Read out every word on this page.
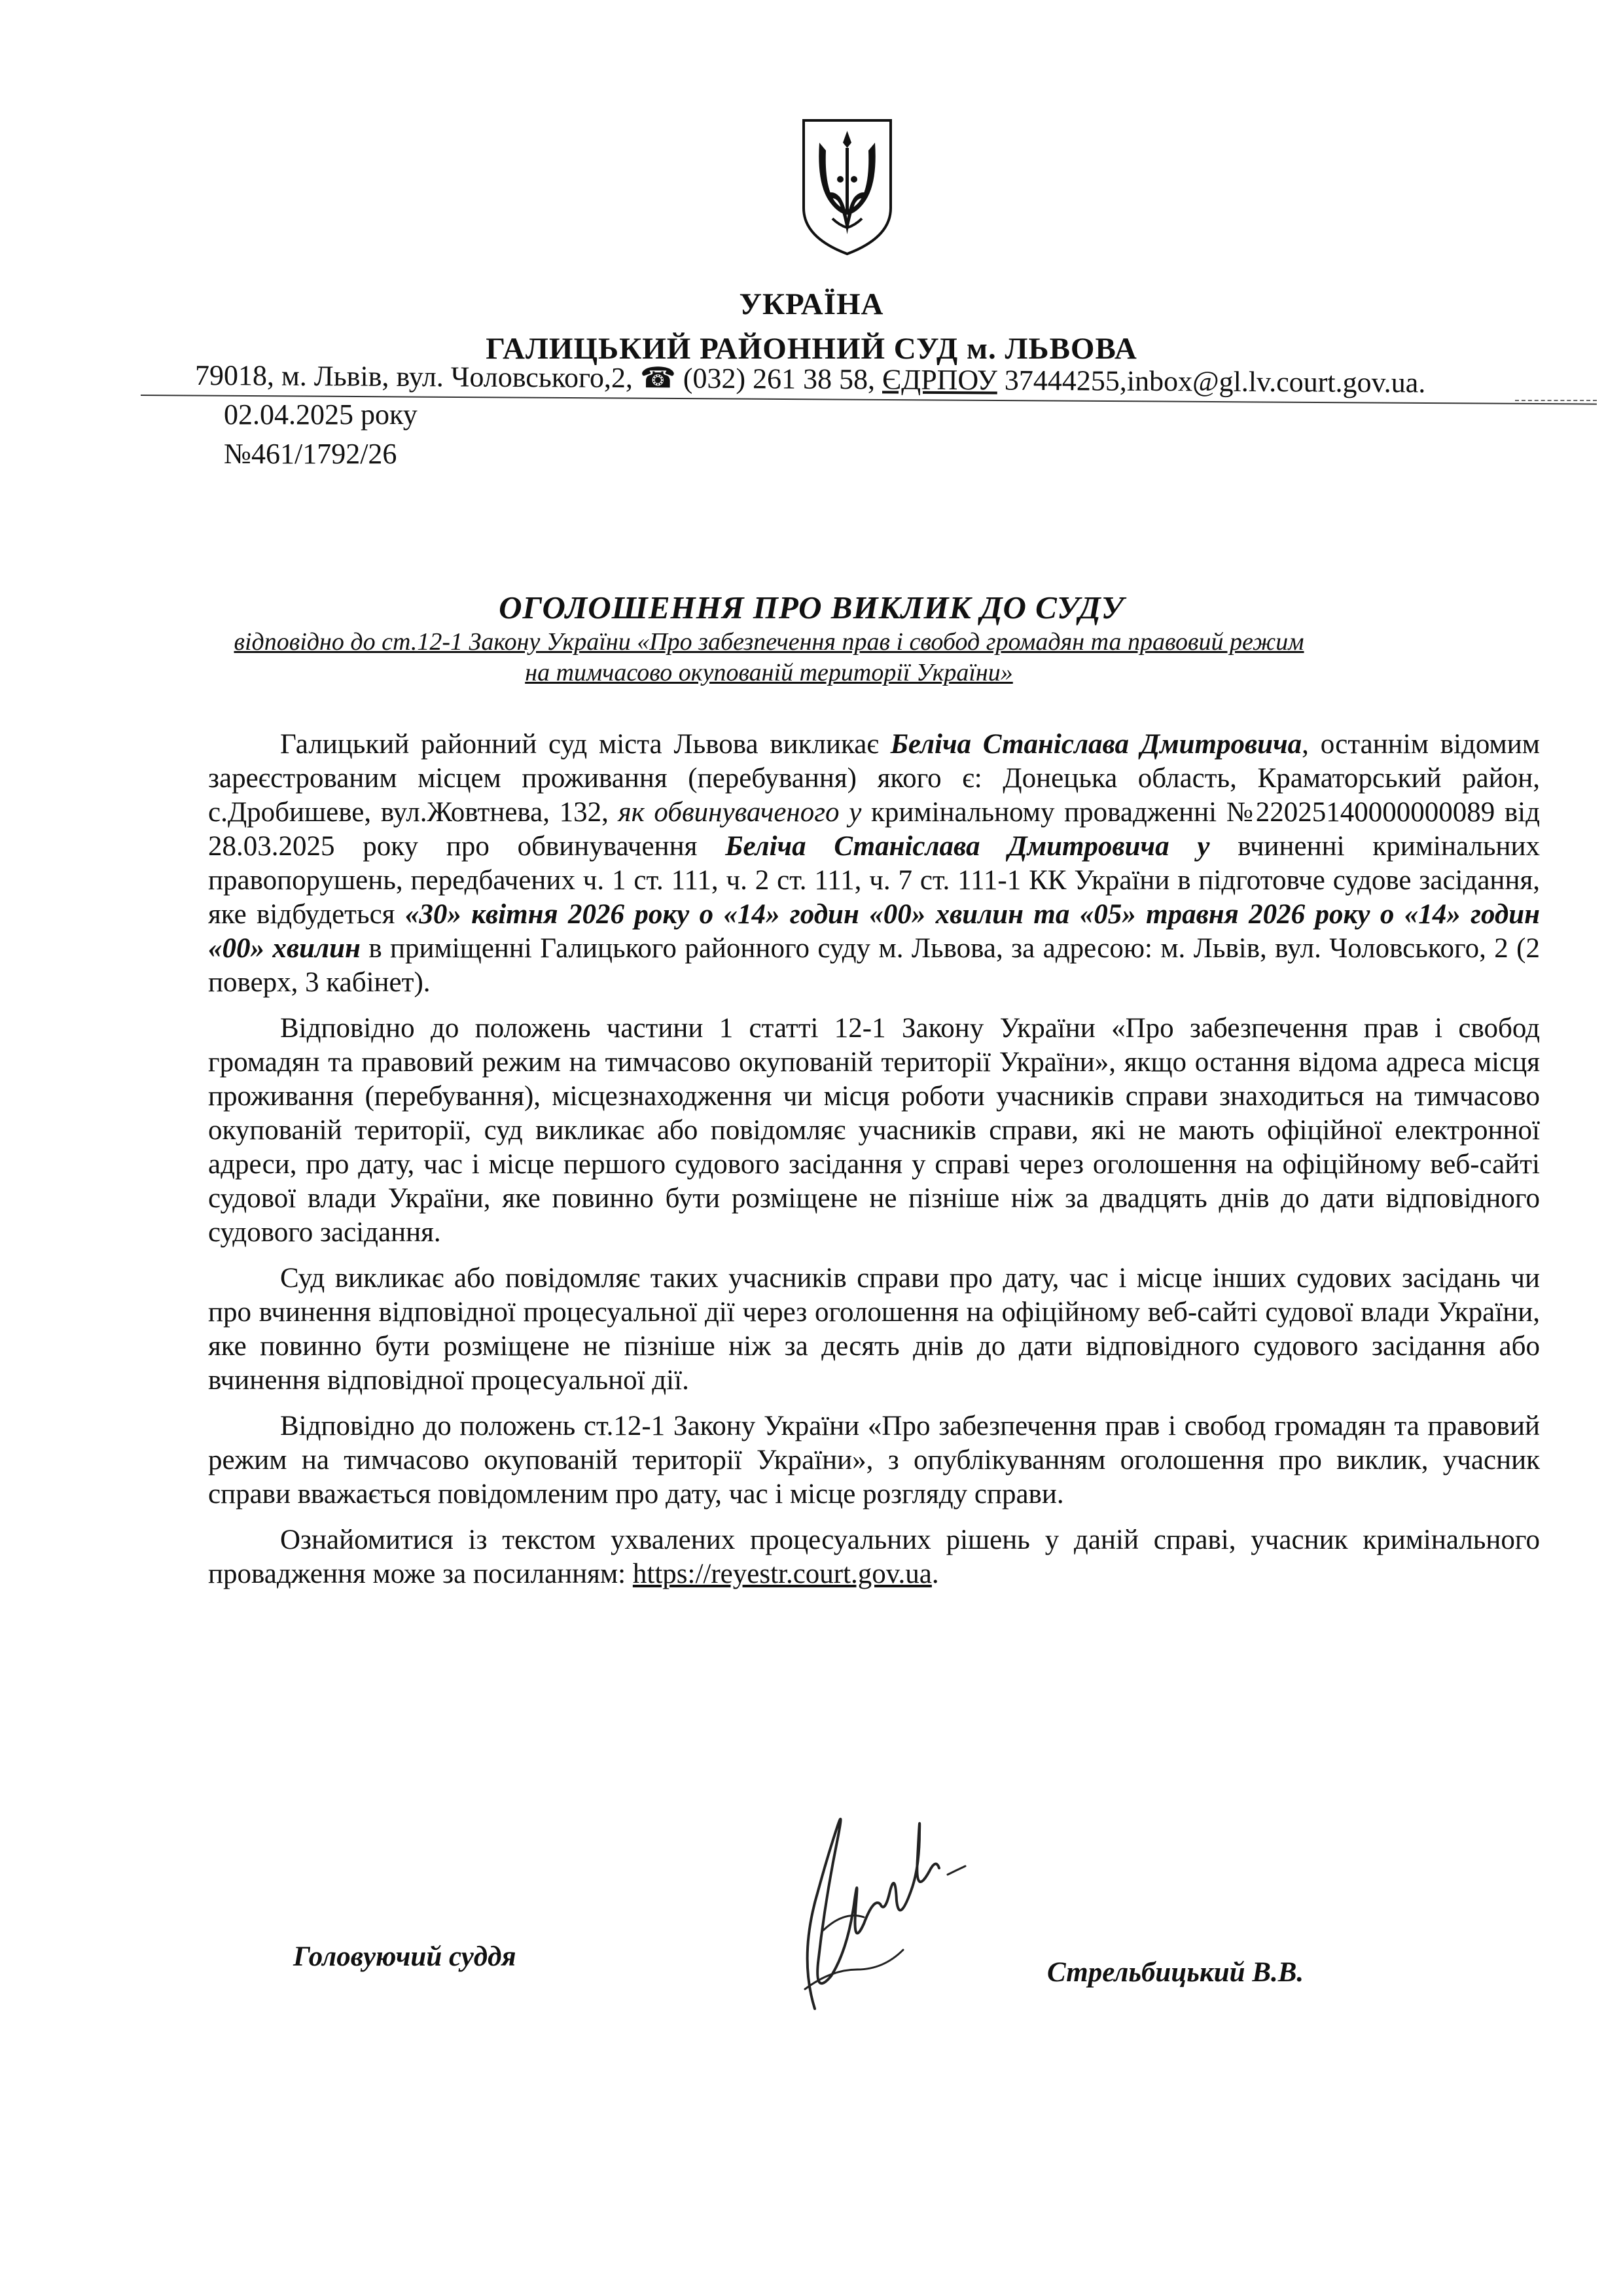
УКРАЇНА
ГАЛИЦЬКИЙ РАЙОННИЙ СУД м. ЛЬВОВА
79018, м. Львів, вул. Чоловського,2, ☎ (032) 261 38 58, ЄДРПОУ 37444255,inbox@gl.lv.court.gov.ua.
02.04.2025 року
№461/1792/26
ОГОЛОШЕННЯ ПРО ВИКЛИК ДО СУДУ
відповідно до ст.12-1 Закону України «Про забезпечення прав і свобод громадян та правовий режим на тимчасово окупованій території України»

Галицький районний суд міста Львова викликає Беліча Станіслава Дмитровича, останнім відомим зареєстрованим місцем проживання (перебування) якого є: Донецька область, Краматорський район, с.Дробишеве, вул.Жовтнева, 132, як обвинуваченого у кримінальному провадженні №22025140000000089 від 28.03.2025 року про обвинувачення Беліча Станіслава Дмитровича у вчиненні кримінальних правопорушень, передбачених ч. 1 ст. 111, ч. 2 ст. 111, ч. 7 ст. 111-1 КК України в підготовче судове засідання, яке відбудеться «30» квітня 2026 року о «14» годин «00» хвилин та «05» травня 2026 року о «14» годин «00» хвилин в приміщенні Галицького районного суду м. Львова, за адресою: м. Львів, вул. Чоловського, 2 (2 поверх, 3 кабінет).

Відповідно до положень частини 1 статті 12-1 Закону України «Про забезпечення прав і свобод громадян та правовий режим на тимчасово окупованій території України», якщо остання відома адреса місця проживання (перебування), місцезнаходження чи місця роботи учасників справи знаходиться на тимчасово окупованій території, суд викликає або повідомляє учасників справи, які не мають офіційної електронної адреси, про дату, час і місце першого судового засідання у справі через оголошення на офіційному веб-сайті судової влади України, яке повинно бути розміщене не пізніше ніж за двадцять днів до дати відповідного судового засідання.

Суд викликає або повідомляє таких учасників справи про дату, час і місце інших судових засідань чи про вчинення відповідної процесуальної дії через оголошення на офіційному веб-сайті судової влади України, яке повинно бути розміщене не пізніше ніж за десять днів до дати відповідного судового засідання або вчинення відповідної процесуальної дії.

Відповідно до положень ст.12-1 Закону України «Про забезпечення прав і свобод громадян та правовий режим на тимчасово окупованій території України», з опублікуванням оголошення про виклик, учасник справи вважається повідомленим про дату, час і місце розгляду справи.

Ознайомитися із текстом ухвалених процесуальних рішень у даній справі, учасник кримінального провадження може за посиланням: https://reyestr.court.gov.ua.

Головуючий суддя
Стрельбицький В.В.
